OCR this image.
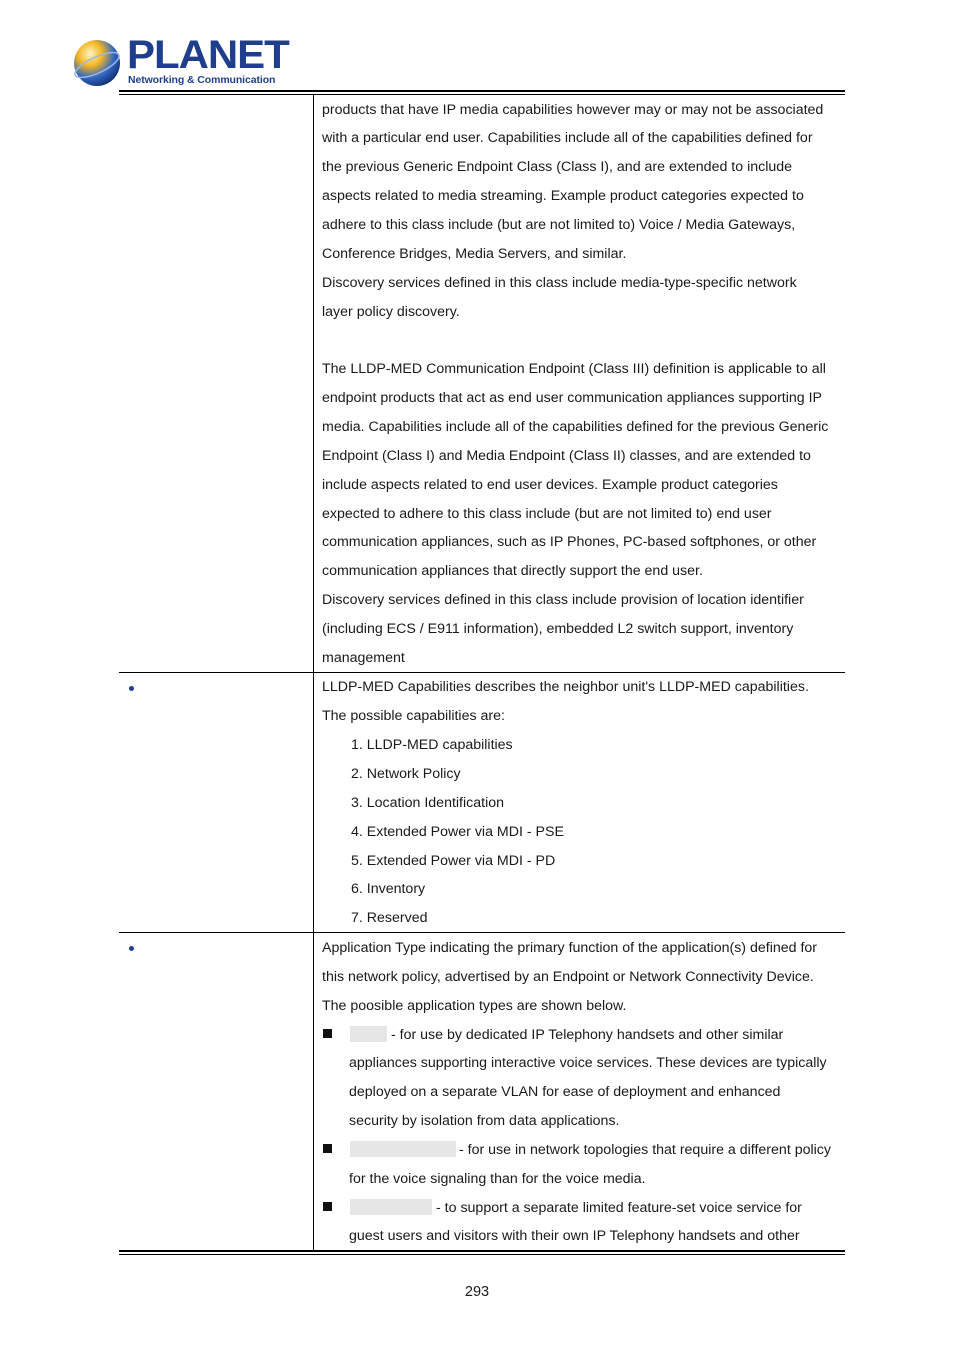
PLANET
Networking & Communication
products that have IP media capabilities however may or may not be associated
with a particular end user. Capabilities include all of the capabilities defined for
the previous Generic Endpoint Class (Class I), and are extended to include
aspects related to media streaming. Example product categories expected to
adhere to this class include (but are not limited to) Voice / Media Gateways,
Conference Bridges, Media Servers, and similar.
Discovery services defined in this class include media-type-specific network
layer policy discovery.
The LLDP-MED Communication Endpoint (Class III) definition is applicable to all
endpoint products that act as end user communication appliances supporting IP
media. Capabilities include all of the capabilities defined for the previous Generic
Endpoint (Class I) and Media Endpoint (Class II) classes, and are extended to
include aspects related to end user devices. Example product categories
expected to adhere to this class include (but are not limited to) end user
communication appliances, such as IP Phones, PC-based softphones, or other
communication appliances that directly support the end user.
Discovery services defined in this class include provision of location identifier
(including ECS / E911 information), embedded L2 switch support, inventory
management
LLDP-MED Capabilities describes the neighbor unit's LLDP-MED capabilities.
The possible capabilities are:
1. LLDP-MED capabilities
2. Network Policy
3. Location Identification
4. Extended Power via MDI - PSE
5. Extended Power via MDI - PD
6. Inventory
7. Reserved
Application Type indicating the primary function of the application(s) defined for
this network policy, advertised by an Endpoint or Network Connectivity Device.
The poosible application types are shown below.
- for use by dedicated IP Telephony handsets and other similar
appliances supporting interactive voice services. These devices are typically
deployed on a separate VLAN for ease of deployment and enhanced
security by isolation from data applications.
- for use in network topologies that require a different policy
for the voice signaling than for the voice media.
- to support a separate limited feature-set voice service for
guest users and visitors with their own IP Telephony handsets and other
293
